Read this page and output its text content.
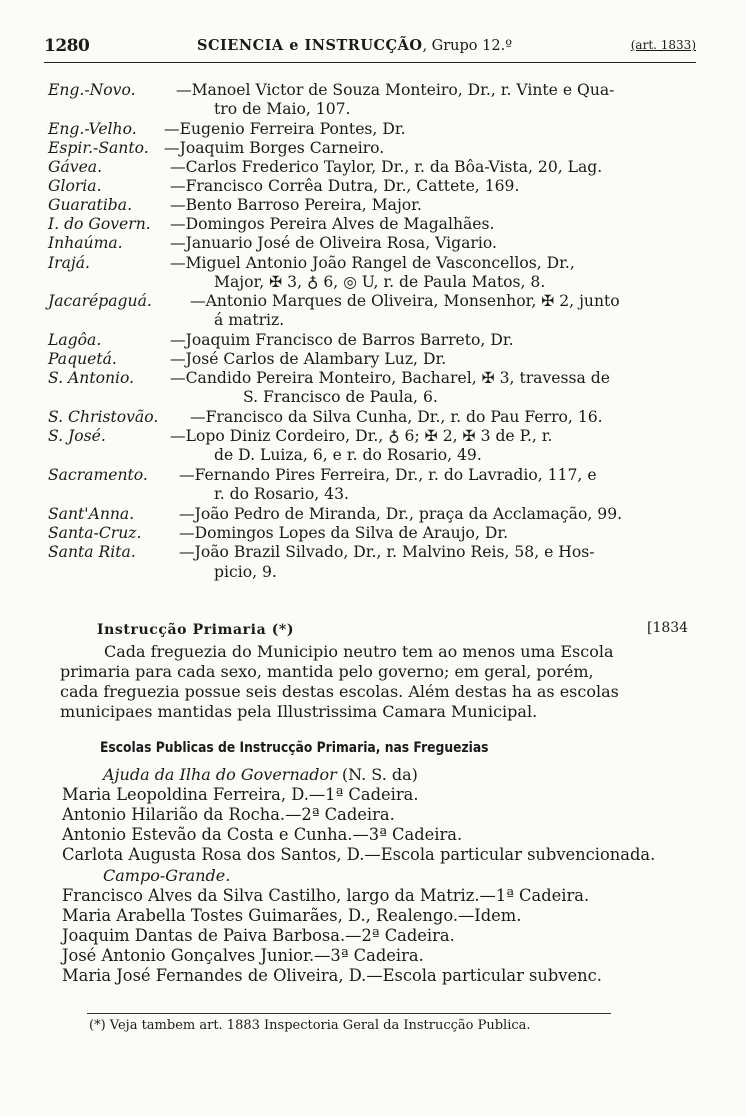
1280	SCIENCIA e INSTRUCÇÃO, Grupo 12.º	(art. 1833)
Eng.-Novo.	—Manoel Victor de Souza Monteiro, Dr., r. Vinte e Qua-
tro de Maio, 107.
Eng.-Velho. —Eugenio Ferreira Pontes, Dr.
Espir.-Santo. —Joaquim Borges Carneiro.
Gávea.	—Carlos Frederico Taylor, Dr., r. da Bôa-Vista, 20, Lag.
Gloria.	—Francisco Corrêa Dutra, Dr., Cattete, 169.
Guaratiba. —Bento Barroso Pereira, Major.
I. do Govern. —Domingos Pereira Alves de Magalhães.
Inhaúma.	—Januario José de Oliveira Rosa, Vigario.
Irajá.	—Miguel Antonio João Rangel de Vasconcellos, Dr.,
Major, ✠ 3, ♁ 6, ◎ U, r. de Paula Matos, 8.
Jacarépaguá. —Antonio Marques de Oliveira, Monsenhor, ✠ 2, junto
á matriz.
Lagôa.	—Joaquim Francisco de Barros Barreto, Dr.
Paquetá.	—José Carlos de Alambary Luz, Dr.
S. Antonio. —Candido Pereira Monteiro, Bacharel, ✠ 3, travessa de
S. Francisco de Paula, 6.
S. Christovão. —Francisco da Silva Cunha, Dr., r. do Pau Ferro, 16.
S. José.	—Lopo Diniz Cordeiro, Dr., ♁ 6; ✠ 2, ✠ 3 de P., r.
de D. Luiza, 6, e r. do Rosario, 49.
Sacramento. —Fernando Pires Ferreira, Dr., r. do Lavradio, 117, e
r. do Rosario, 43.
Sant'Anna.	—João Pedro de Miranda, Dr., praça da Acclamação, 99.
Santa-Cruz. —Domingos Lopes da Silva de Araujo, Dr.
Santa Rita.	—João Brazil Silvado, Dr., r. Malvino Reis, 58, e Hos-
picio, 9.
Instrucção Primaria (*)	[1834
Cada freguezia do Municipio neutro tem ao menos uma Escola
primaria para cada sexo, mantida pelo governo; em geral, porém,
cada freguezia possue seis destas escolas. Além destas ha as escolas
municipaes mantidas pela Illustrissima Camara Municipal.
Escolas Publicas de Instrucção Primaria, nas Freguezias
Ajuda da Ilha do Governador (N. S. da)
Maria Leopoldina Ferreira, D.—1ª Cadeira.
Antonio Hilarião da Rocha.—2ª Cadeira.
Antonio Estevão da Costa e Cunha.—3ª Cadeira.
Carlota Augusta Rosa dos Santos, D.—Escola particular subvencionada.
Campo-Grande.
Francisco Alves da Silva Castilho, largo da Matriz.—1ª Cadeira.
Maria Arabella Tostes Guimarães, D., Realengo.—Idem.
Joaquim Dantas de Paiva Barbosa.—2ª Cadeira.
José Antonio Gonçalves Junior.—3ª Cadeira.
Maria José Fernandes de Oliveira, D.—Escola particular subvenc.
(*) Veja tambem art. 1883 Inspectoria Geral da Instrucção Publica.
